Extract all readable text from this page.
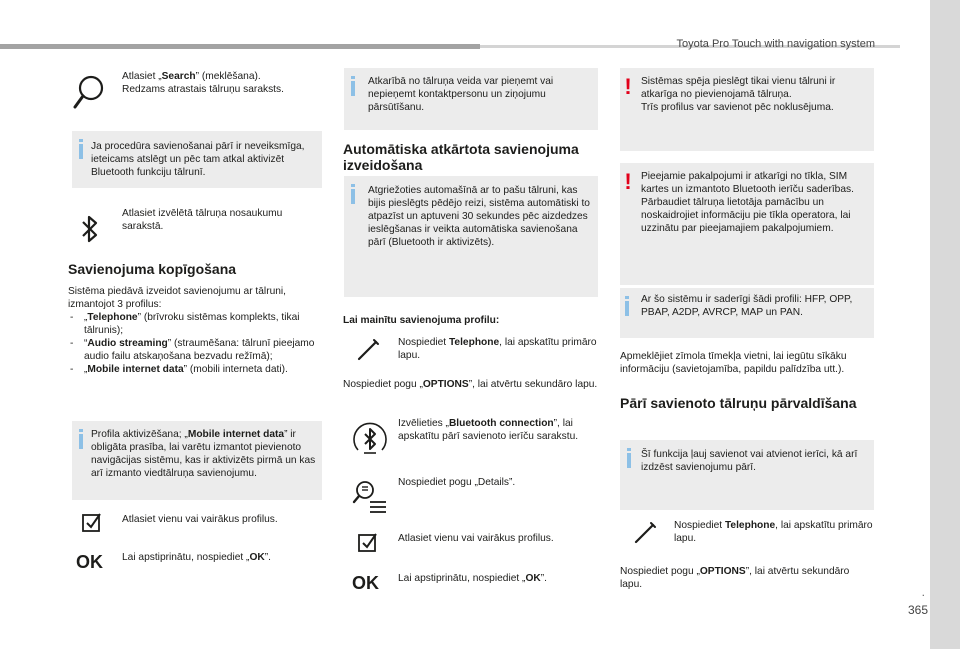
Toyota Pro Touch with navigation system
.
365
Atlasiet „Search” (meklēšana).
Redzams atrastais tālruņu saraksts.
Ja procedūra savienošanai pārī ir neveiksmīga, ieteicams atslēgt un pēc tam atkal aktivizēt Bluetooth funkciju tālrunī.
Atlasiet izvēlētā tālruņa nosaukumu sarakstā.
Savienojuma kopīgošana
Sistēma piedāvā izveidot savienojumu ar tālruni, izmantojot 3 profilus:
- „Telephone” (brīvroku sistēmas komplekts, tikai tālrunis);
- “Audio streaming” (straumēšana: tālrunī pieejamo audio failu atskaņošana bezvadu režīmā);
- „Mobile internet data” (mobili interneta dati).
Profila aktivizēšana; „Mobile internet data” ir obligāta prasība, lai varētu izmantot pievienoto navigācijas sistēmu, kas ir aktivizēts pirmā un kas arī izmanto viedtālruņa savienojumu.
Atlasiet vienu vai vairākus profilus.
OK Lai apstiprinātu, nospiediet „OK”.
Atkarībā no tālruņa veida var pieņemt vai nepieņemt kontaktpersonu un ziņojumu pārsūtīšanu.
Automātiska atkārtota savienojuma izveidošana
Atgriežoties automašīnā ar to pašu tālruni, kas bijis pieslēgts pēdējo reizi, sistēma automātiski to atpazīst un aptuveni 30 sekundes pēc aizdedzes ieslēgšanas ir veikta automātiska savienošana pārī (Bluetooth ir aktivizēts).
Lai mainītu savienojuma profilu:
Nospiediet Telephone, lai apskatītu primāro lapu.
Nospiediet pogu „OPTIONS”, lai atvērtu sekundāro lapu.
Izvēlieties „Bluetooth connection”, lai apskatītu pārī savienoto ierīču sarakstu.
Nospiediet pogu „Details”.
Atlasiet vienu vai vairākus profilus.
OK Lai apstiprinātu, nospiediet „OK”.
! Sistēmas spēja pieslēgt tikai vienu tālruni ir atkarīga no pievienojamā tālruņa.
Trīs profilus var savienot pēc noklusējuma.
! Pieejamie pakalpojumi ir atkarīgi no tīkla, SIM kartes un izmantoto Bluetooth ierīču saderības. Pārbaudiet tālruņa lietotāja pamācību un noskaidrojiet informāciju pie tīkla operatora, lai uzzinātu par pieejamajiem pakalpojumiem.
Ar šo sistēmu ir saderīgi šādi profili: HFP, OPP, PBAP, A2DP, AVRCP, MAP un PAN.
Apmeklējiet zīmola tīmekļa vietni, lai iegūtu sīkāku informāciju (savietojamība, papildu palīdzība utt.).
Pārī savienoto tālruņu pārvaldīšana
Šī funkcija ļauj savienot vai atvienot ierīci, kā arī izdzēst savienojumu pārī.
Nospiediet Telephone, lai apskatītu primāro lapu.
Nospiediet pogu „OPTIONS”, lai atvērtu sekundāro lapu.
